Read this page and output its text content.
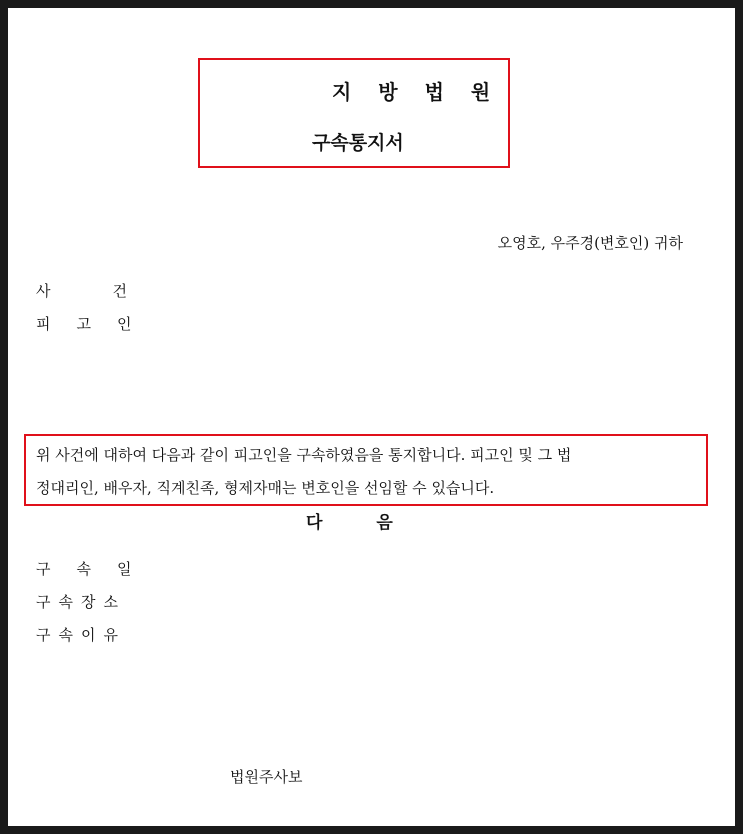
지 방 법 원
구속통지서
오영호, 우주경(변호인) 귀하
사건
피고인
위 사건에 대하여 다음과 같이 피고인을 구속하였음을 통지합니다. 피고인 및 그 법
정대리인, 배우자, 직계친족, 형제자매는 변호인을 선임할 수 있습니다.
다음
구속일
구속장소
구속이유
법원주사보
